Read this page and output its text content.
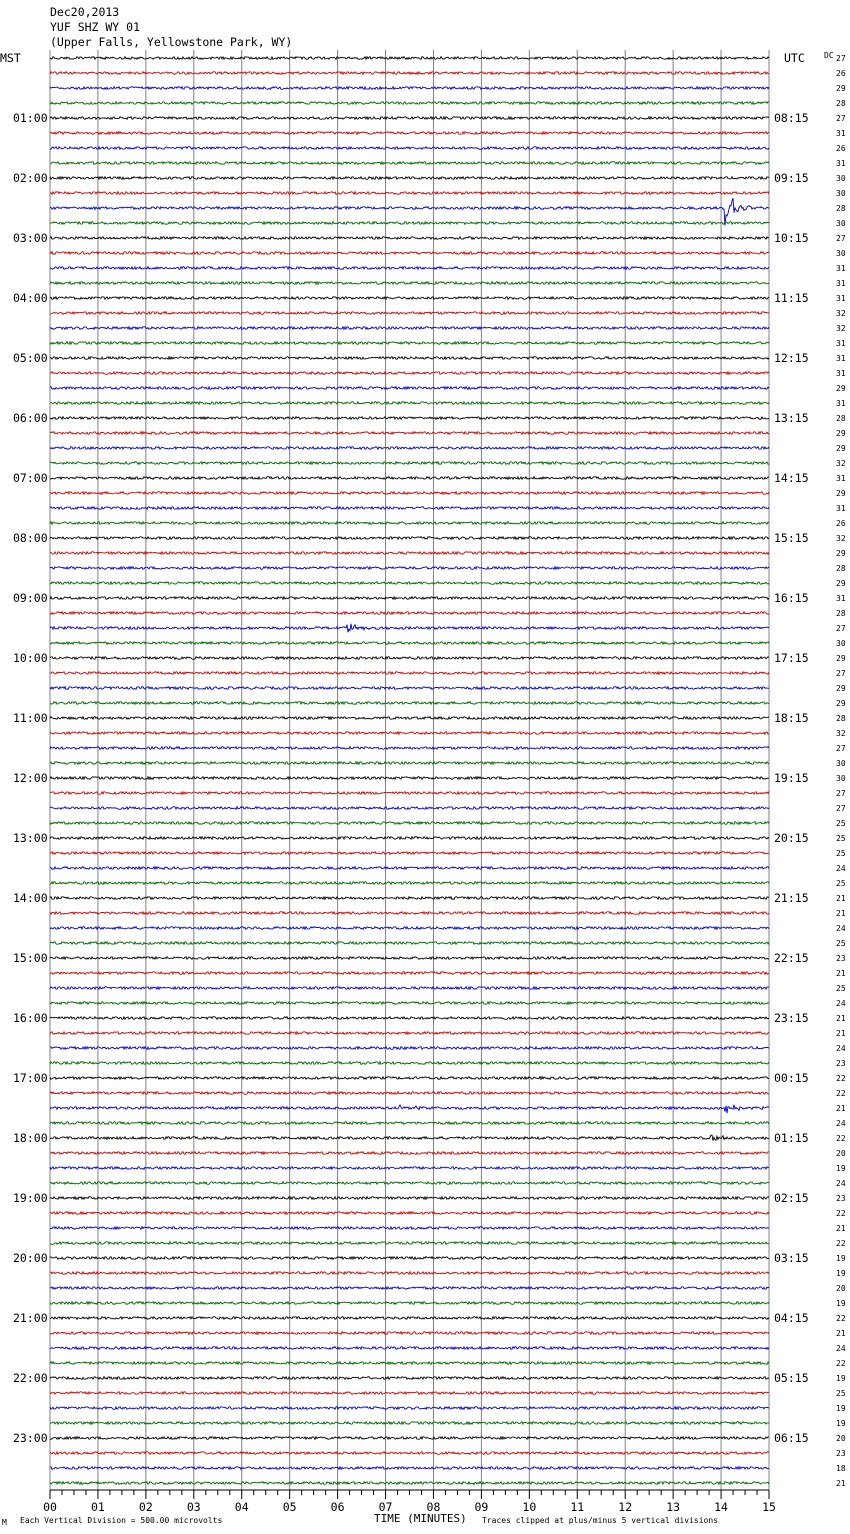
Dec20,2013
YUF SHZ WY 01
(Upper Falls, Yellowstone Park, WY)
MST	UTC DC
01:00
02:00
03:00
04:00
05:00
06:00
07:00
08:00
09:00
10:00
11:00
12:00
13:00
14:00
15:00
16:00
17:00
18:00
19:00
20:00
21:00
22:00
23:00
08:15
09:15
10:15
11:15
12:15
13:15
14:15
15:15
16:15
17:15
18:15
19:15
20:15
21:15
22:15
23:15
00:15
01:15
02:15
03:15
04:15
05:15
06:15
27
26
29
28
27
31
26
31
30
30
28
30
27
30
31
31
31
32
32
31
31
31
29
31
28
29
29
32
31
29
31
26
32
29
28
29
31
28
27
30
29
27
29
29
28
32
27
30
30
27
27
25
25
25
24
25
21
21
24
25
23
21
25
24
21
21
24
23
22
22
21
24
22
20
19
24
23
22
21
22
19
19
20
19
22
21
24
22
19
25
19
19
20
23
18
21
00	01	02	03	04	05	06	07	08	09	10	11	12	13	14	15
M Each Vertical Division = 500.00 microvolts	TIME (MINUTES) Traces clipped at plus/minus 5 vertical divisions
